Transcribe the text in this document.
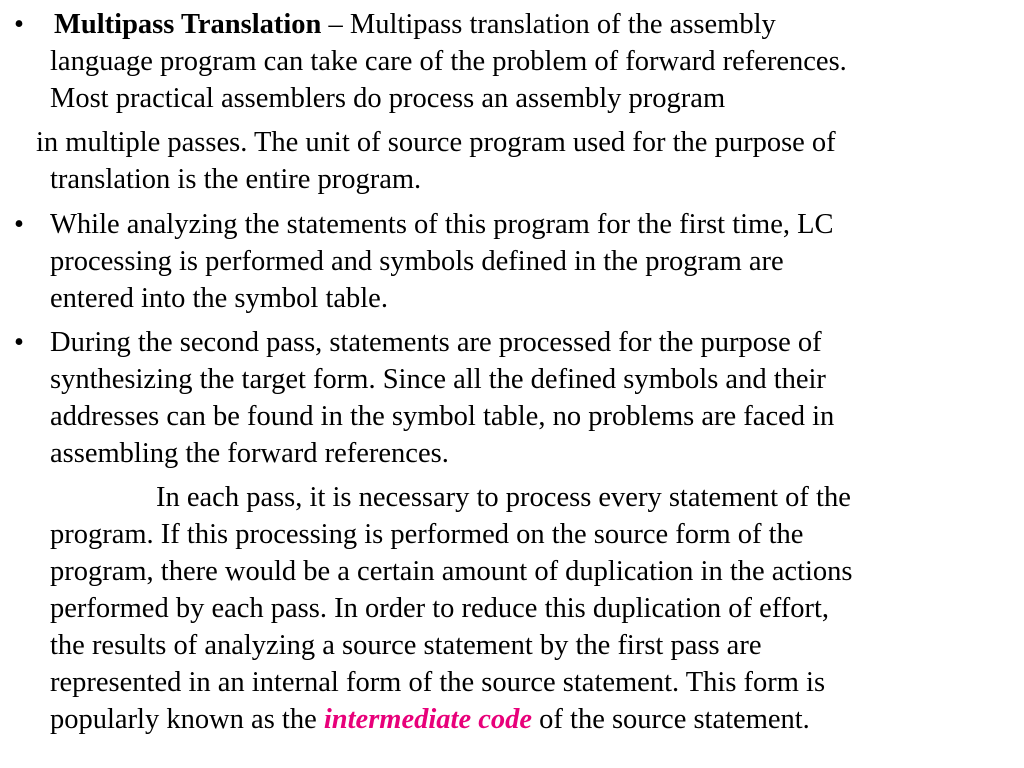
•	Multipass Translation – Multipass translation of the assembly
language program can take care of the problem of forward references.
Most practical assemblers do process an assembly program
in multiple passes. The unit of source program used for the purpose of
translation is the entire program.
• While analyzing the statements of this program for the first time, LC
processing is performed and symbols defined in the program are
entered into the symbol table.
• During the second pass, statements are processed for the purpose of
synthesizing the target form. Since all the defined symbols and their
addresses can be found in the symbol table, no problems are faced in
assembling the forward references.
In each pass, it is necessary to process every statement of the
program. If this processing is performed on the source form of the
program, there would be a certain amount of duplication in the actions
performed by each pass. In order to reduce this duplication of effort,
the results of analyzing a source statement by the first pass are
represented in an internal form of the source statement. This form is
popularly known as the intermediate code of the source statement.
